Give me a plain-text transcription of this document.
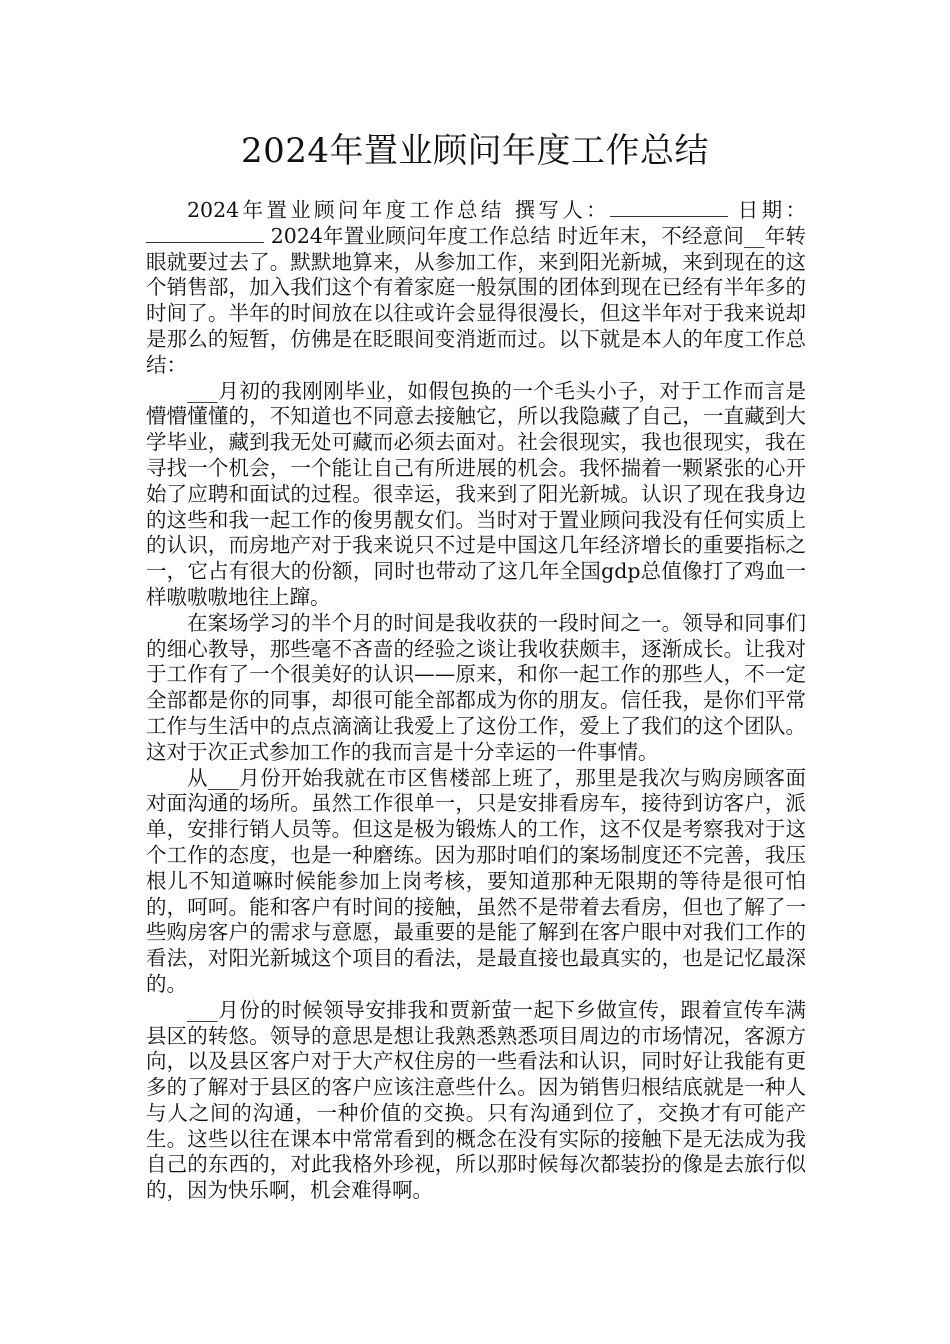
2024年置业顾问年度工作总结

2024年置业顾问年度工作总结 撰写人：	日期： 2024年置业顾问年度工作总结 时近年末，不经意间__年转眼就要过去了。默默地算来，从参加工作，来到阳光新城，来到现在的这个销售部，加入我们这个有着家庭一般氛围的团体到现在已经有半年多的时间了。半年的时间放在以往或许会显得很漫长，但这半年对于我来说却是那么的短暂，仿佛是在眨眼间变消逝而过。以下就是本人的年度工作总结：

___月初的我刚刚毕业，如假包换的一个毛头小子，对于工作而言是懵懵懂懂的，不知道也不同意去接触它，所以我隐藏了自己，一直藏到大学毕业，藏到我无处可藏而必须去面对。社会很现实，我也很现实，我在寻找一个机会，一个能让自己有所进展的机会。我怀揣着一颗紧张的心开始了应聘和面试的过程。很幸运，我来到了阳光新城。认识了现在我身边的这些和我一起工作的俊男靓女们。当时对于置业顾问我没有任何实质上的认识，而房地产对于我来说只不过是中国这几年经济增长的重要指标之一，它占有很大的份额，同时也带动了这几年全国gdp总值像打了鸡血一样嗷嗷嗷地往上蹿。

在案场学习的半个月的时间是我收获的一段时间之一。领导和同事们的细心教导，那些毫不吝啬的经验之谈让我收获颇丰，逐渐成长。让我对于工作有了一个很美好的认识——原来，和你一起工作的那些人，不一定全部都是你的同事，却很可能全部都成为你的朋友。信任我，是你们平常工作与生活中的点点滴滴让我爱上了这份工作，爱上了我们的这个团队。这对于次正式参加工作的我而言是十分幸运的一件事情。

从___月份开始我就在市区售楼部上班了，那里是我次与购房顾客面对面沟通的场所。虽然工作很单一，只是安排看房车，接待到访客户，派单，安排行销人员等。但这是极为锻炼人的工作，这不仅是考察我对于这个工作的态度，也是一种磨练。因为那时咱们的案场制度还不完善，我压根儿不知道嘛时候能参加上岗考核，要知道那种无限期的等待是很可怕的，呵呵。能和客户有时间的接触，虽然不是带着去看房，但也了解了一些购房客户的需求与意愿，最重要的是能了解到在客户眼中对我们工作的看法，对阳光新城这个项目的看法，是最直接也最真实的，也是记忆最深的。

___月份的时候领导安排我和贾新萤一起下乡做宣传，跟着宣传车满县区的转悠。领导的意思是想让我熟悉熟悉项目周边的市场情况，客源方向，以及县区客户对于大产权住房的一些看法和认识，同时好让我能有更多的了解对于县区的客户应该注意些什么。因为销售归根结底就是一种人与人之间的沟通，一种价值的交换。只有沟通到位了，交换才有可能产生。这些以往在课本中常常看到的概念在没有实际的接触下是无法成为我自己的东西的，对此我格外珍视，所以那时候每次都装扮的像是去旅行似的，因为快乐啊，机会难得啊。
